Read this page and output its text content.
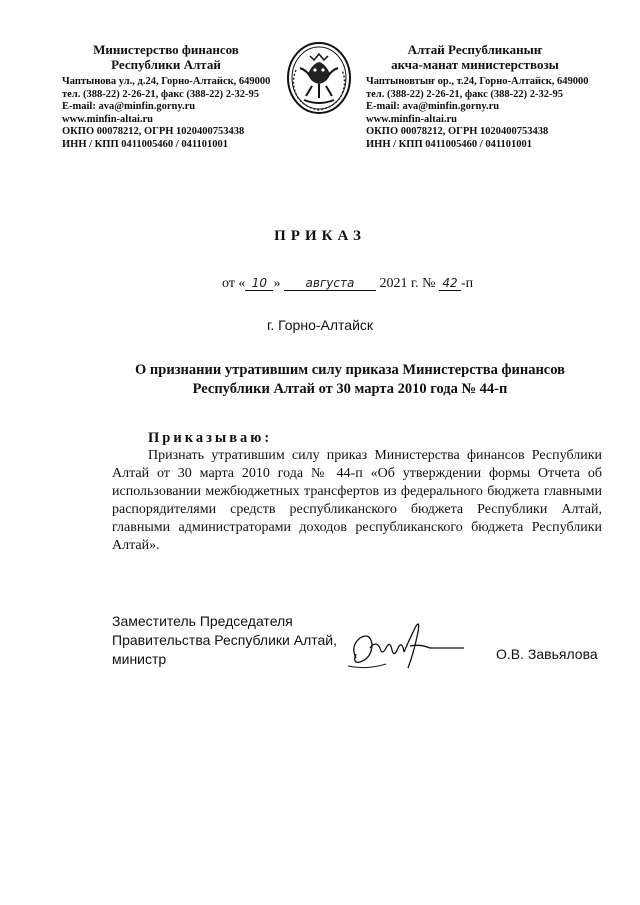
Министерство финансов
Республики Алтай
Чаптынова ул., д.24, Горно-Алтайск, 649000
тел. (388-22) 2-26-21, факс (388-22) 2-32-95
E-mail: ava@minfin.gorny.ru
www.minfin-altai.ru
ОКПО 00078212, ОГРН 1020400753438
ИНН / КПП 0411005460 / 041101001
Алтай Республиканыҥ
акча-манат министерствозы
Чаптыновтыҥ ор., т.24, Горно-Алтайск, 649000
тел. (388-22) 2-26-21, факс (388-22) 2-32-95
E-mail: ava@minfin.gorny.ru
www.minfin-altai.ru
ОКПО 00078212, ОГРН 1020400753438
ИНН / КПП 0411005460 / 041101001
ПРИКАЗ
от « 10 » августа 2021 г. № 42 -п
г. Горно-Алтайск
О признании утратившим силу приказа Министерства финансов
Республики Алтай от 30 марта 2010 года № 44-п
Приказываю:

Признать утратившим силу приказ Министерства финансов Республики Алтай от 30 марта 2010 года № 44-п «Об утверждении формы Отчета об использовании межбюджетных трансфертов из федерального бюджета главными распорядителями средств республиканского бюджета Республики Алтай, главными администраторами доходов республиканского бюджета Республики Алтай».

Заместитель Председателя
Правительства Республики Алтай,
министр	О.В. Завьялова
